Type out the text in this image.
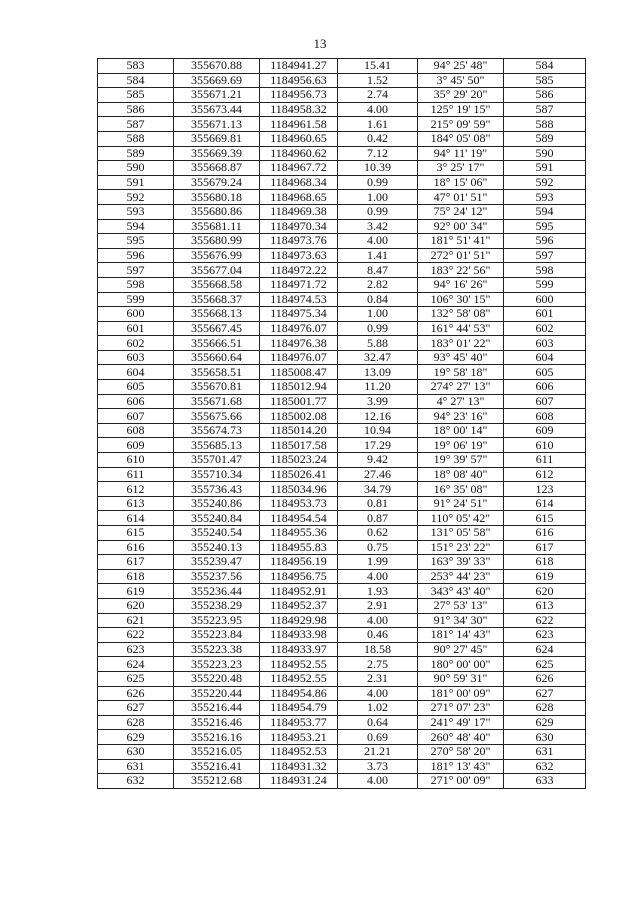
13
583	355670.88	1184941.27	15.41	94° 25' 48"	584
584	355669.69	1184956.63	1.52	3° 45' 50"	585
585	355671.21	1184956.73	2.74	35° 29' 20"	586
586	355673.44	1184958.32	4.00	125° 19' 15"	587
587	355671.13	1184961.58	1.61	215° 09' 59"	588
588	355669.81	1184960.65	0.42	184° 05' 08"	589
589	355669.39	1184960.62	7.12	94° 11' 19"	590
590	355668.87	1184967.72	10.39	3° 25' 17"	591
591	355679.24	1184968.34	0.99	18° 15' 06"	592
592	355680.18	1184968.65	1.00	47° 01' 51"	593
593	355680.86	1184969.38	0.99	75° 24' 12"	594
594	355681.11	1184970.34	3.42	92° 00' 34"	595
595	355680.99	1184973.76	4.00	181° 51' 41"	596
596	355676.99	1184973.63	1.41	272° 01' 51"	597
597	355677.04	1184972.22	8.47	183° 22' 56"	598
598	355668.58	1184971.72	2.82	94° 16' 26"	599
599	355668.37	1184974.53	0.84	106° 30' 15"	600
600	355668.13	1184975.34	1.00	132° 58' 08"	601
601	355667.45	1184976.07	0.99	161° 44' 53"	602
602	355666.51	1184976.38	5.88	183° 01' 22"	603
603	355660.64	1184976.07	32.47	93° 45' 40"	604
604	355658.51	1185008.47	13.09	19° 58' 18"	605
605	355670.81	1185012.94	11.20	274° 27' 13"	606
606	355671.68	1185001.77	3.99	4° 27' 13"	607
607	355675.66	1185002.08	12.16	94° 23' 16"	608
608	355674.73	1185014.20	10.94	18° 00' 14"	609
609	355685.13	1185017.58	17.29	19° 06' 19"	610
610	355701.47	1185023.24	9.42	19° 39' 57"	611
611	355710.34	1185026.41	27.46	18° 08' 40"	612
612	355736.43	1185034.96	34.79	16° 35' 08"	123
613	355240.86	1184953.73	0.81	91° 24' 51"	614
614	355240.84	1184954.54	0.87	110° 05' 42"	615
615	355240.54	1184955.36	0.62	131° 05' 58"	616
616	355240.13	1184955.83	0.75	151° 23' 22"	617
617	355239.47	1184956.19	1.99	163° 39' 33"	618
618	355237.56	1184956.75	4.00	253° 44' 23"	619
619	355236.44	1184952.91	1.93	343° 43' 40"	620
620	355238.29	1184952.37	2.91	27° 53' 13"	613
621	355223.95	1184929.98	4.00	91° 34' 30"	622
622	355223.84	1184933.98	0.46	181° 14' 43"	623
623	355223.38	1184933.97	18.58	90° 27' 45"	624
624	355223.23	1184952.55	2.75	180° 00' 00"	625
625	355220.48	1184952.55	2.31	90° 59' 31"	626
626	355220.44	1184954.86	4.00	181° 00' 09"	627
627	355216.44	1184954.79	1.02	271° 07' 23"	628
628	355216.46	1184953.77	0.64	241° 49' 17"	629
629	355216.16	1184953.21	0.69	260° 48' 40"	630
630	355216.05	1184952.53	21.21	270° 58' 20"	631
631	355216.41	1184931.32	3.73	181° 13' 43"	632
632	355212.68	1184931.24	4.00	271° 00' 09"	633
